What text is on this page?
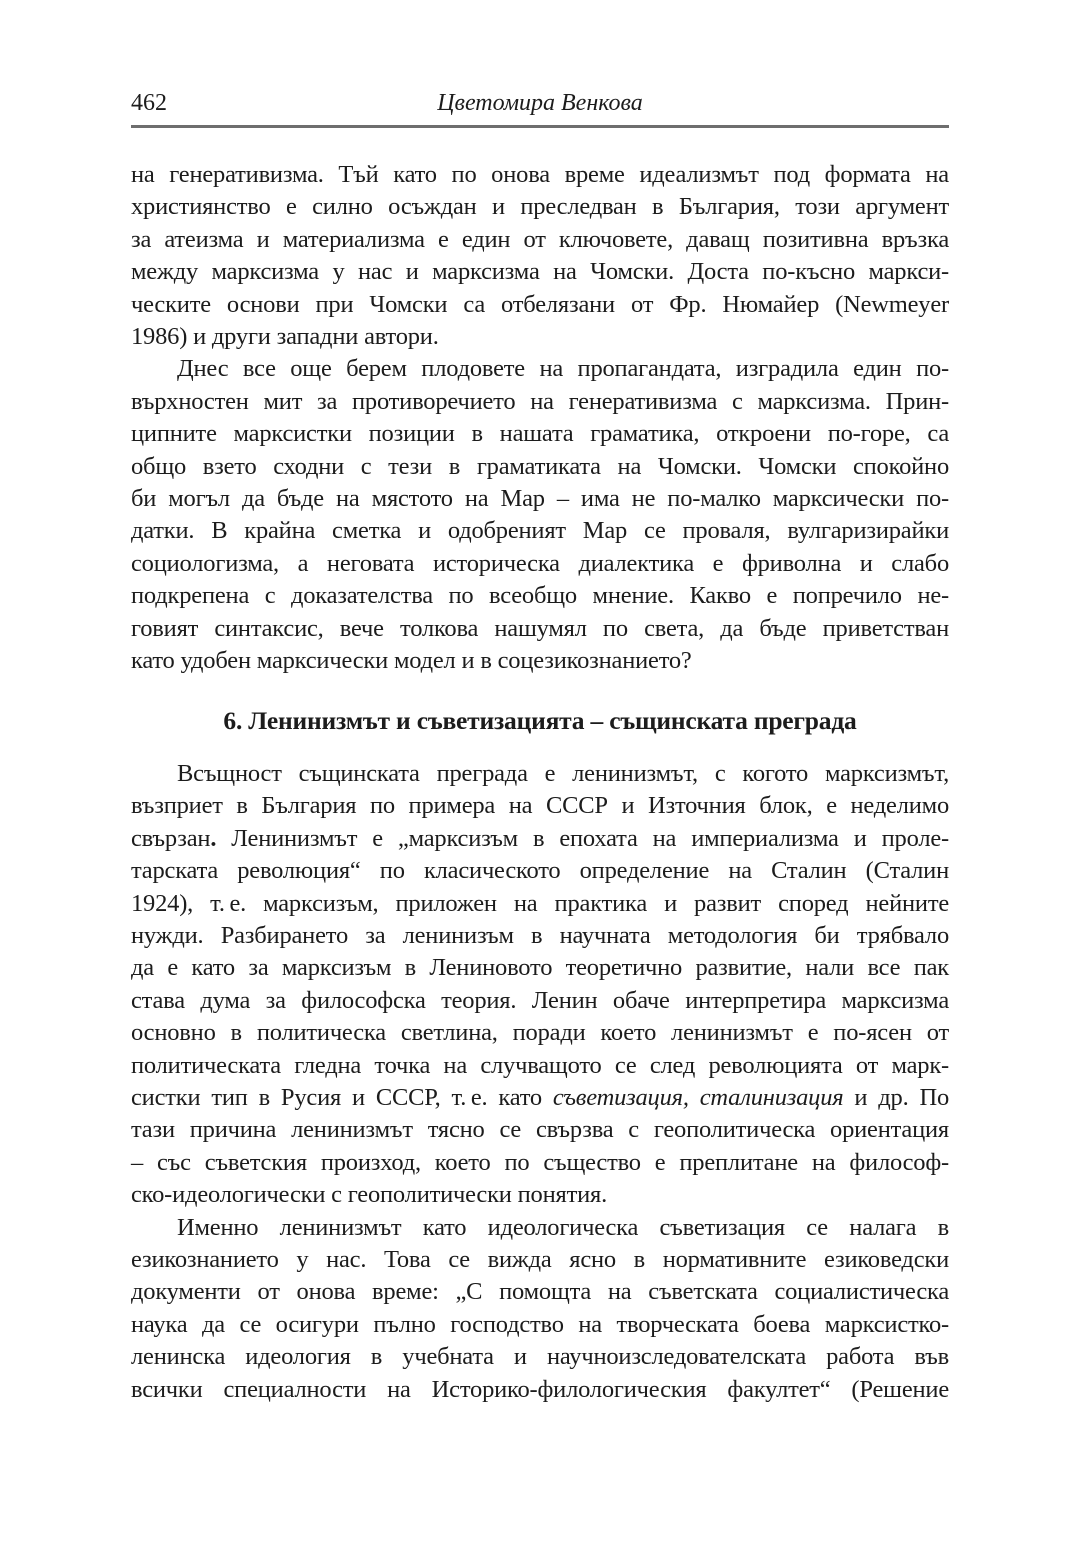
462	Цветомира Венкова
на генеративизма. Тъй като по онова време идеализмът под формата на
християнство е силно осъждан и преследван в България, този аргумент
за атеизма и материализма е един от ключовете, даващ позитивна връзка
между марксизма у нас и марксизма на Чомски. Доста по-късно маркси-
ческите основи при Чомски са отбелязани от Фр. Нюмайер (Newmeyer
1986) и други западни автори.
Днес все още берем плодовете на пропагандата, изградила един по-
върхностен мит за противоречието на генеративизма с марксизма. Прин-
ципните марксистки позиции в нашата граматика, откроени по-горе, са
общо взето сходни с тези в граматиката на Чомски. Чомски спокойно
би могъл да бъде на мястото на Мар – има не по-малко марксически по-
датки. В крайна сметка и одобреният Мар се проваля, вулгаризирайки
социологизма, а неговата историческа диалектика е фриволна и слабо
подкрепена с доказателства по всеобщо мнение. Какво е попречило не-
говият синтаксис, вече толкова нашумял по света, да бъде приветстван
като удобен марксически модел и в соцезикознанието?
6. Ленинизмът и съветизацията – същинската преграда
Всъщност същинската преграда е ленинизмът, с когото марксизмът,
възприет в България по примера на СССР и Източния блок, е неделимо
свързан. Ленинизмът е „марксизъм в епохата на империализма и проле-
тарската революция“ по класическото определение на Сталин (Сталин
1924), т. е. марксизъм, приложен на практика и развит според нейните
нужди. Разбирането за ленинизъм в научната методология би трябвало
да е като за марксизъм в Лениновото теоретично развитие, нали все пак
става дума за философска теория. Ленин обаче интерпретира марксизма
основно в политическа светлина, поради което ленинизмът е по-ясен от
политическата гледна точка на случващото се след революцията от марк-
систки тип в Русия и СССР, т. е. като съветизация, сталинизация и др. По
тази причина ленинизмът тясно се свързва с геополитическа ориентация
– със съветския произход, което по същество е преплитане на философ-
ско-идеологически с геополитически понятия.
Именно ленинизмът като идеологическа съветизация се налага в
езикознанието у нас. Това се вижда ясно в нормативните езиковедски
документи от онова време: „С помощта на съветската социалистическа
наука да се осигури пълно господство на творческата боева марксистко-
ленинска идеология в учебната и научноизследователската работа във
всички специалности на Историко-филологическия факултет“ (Решение
